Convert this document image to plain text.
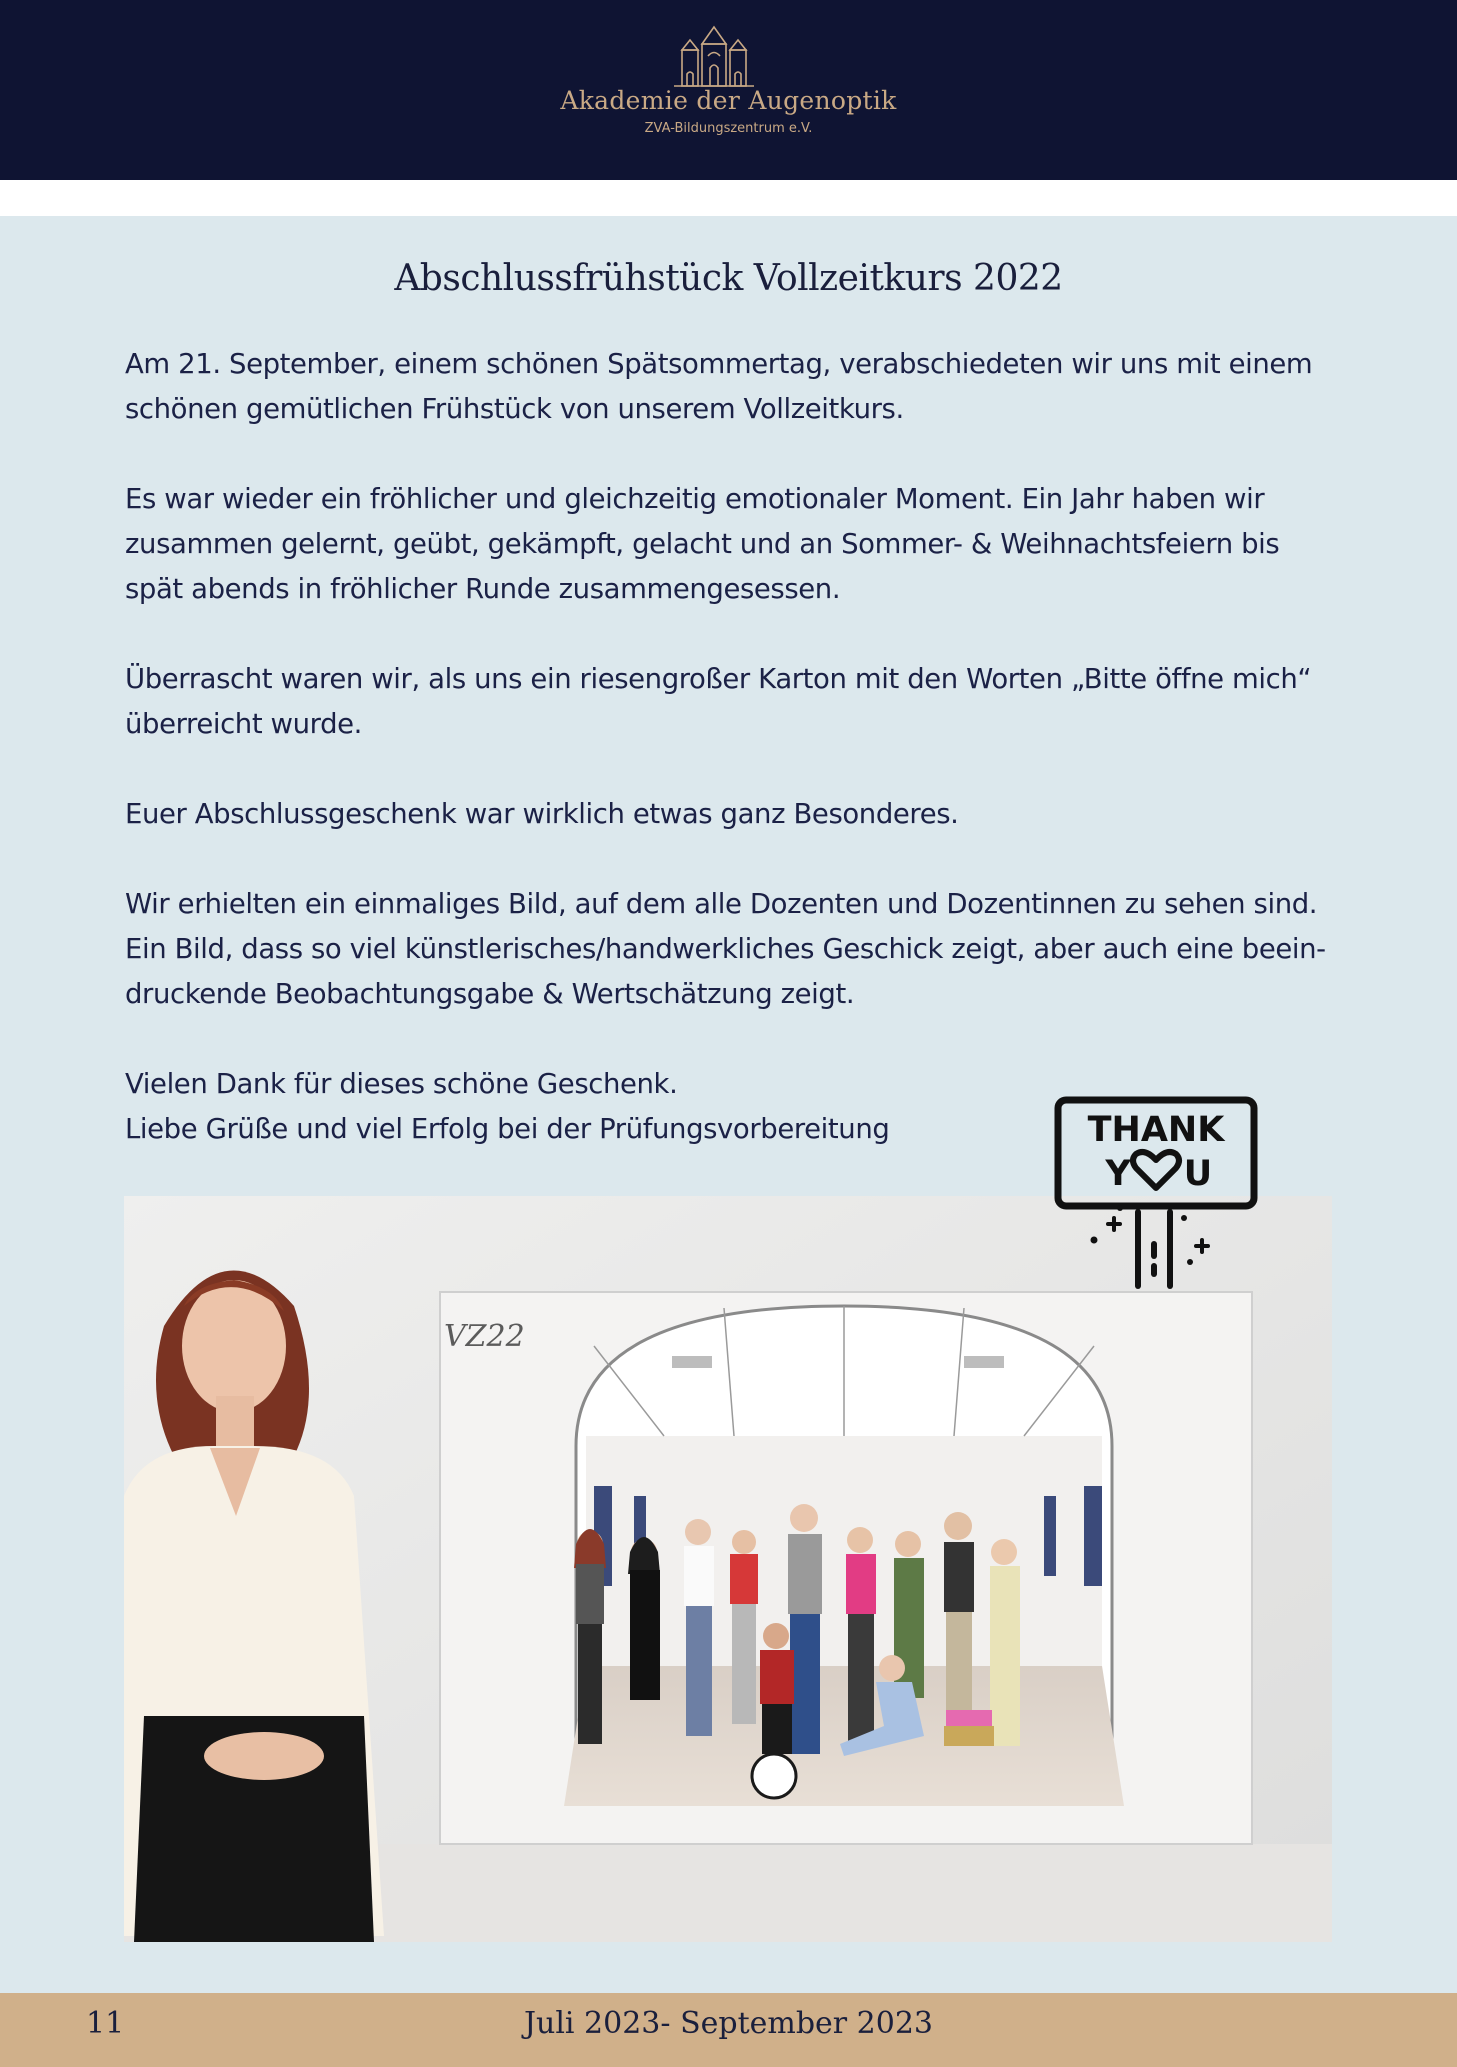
Akademie der Augenoptik
ZVA-Bildungszentrum e.V.
Abschlussfrühstück Vollzeitkurs 2022

Am 21. September, einem schönen Spätsommertag, verabschiedeten wir uns mit einem
schönen gemütlichen Frühstück von unserem Vollzeitkurs.

Es war wieder ein fröhlicher und gleichzeitig emotionaler Moment. Ein Jahr haben wir
zusammen gelernt, geübt, gekämpft, gelacht und an Sommer- & Weihnachtsfeiern bis
spät abends in fröhlicher Runde zusammengesessen.

Überrascht waren wir, als uns ein riesengroßer Karton mit den Worten „Bitte öffne mich“
überreicht wurde.

Euer Abschlussgeschenk war wirklich etwas ganz Besonderes.

Wir erhielten ein einmaliges Bild, auf dem alle Dozenten und Dozentinnen zu sehen sind.
Ein Bild, dass so viel künstlerisches/handwerkliches Geschick zeigt, aber auch eine beein-
druckende Beobachtungsgabe & Wertschätzung zeigt.

Vielen Dank für dieses schöne Geschenk.
Liebe Grüße und viel Erfolg bei der Prüfungsvorbereitung

VZ22
THANK
Y U
11	Juli 2023- September 2023
